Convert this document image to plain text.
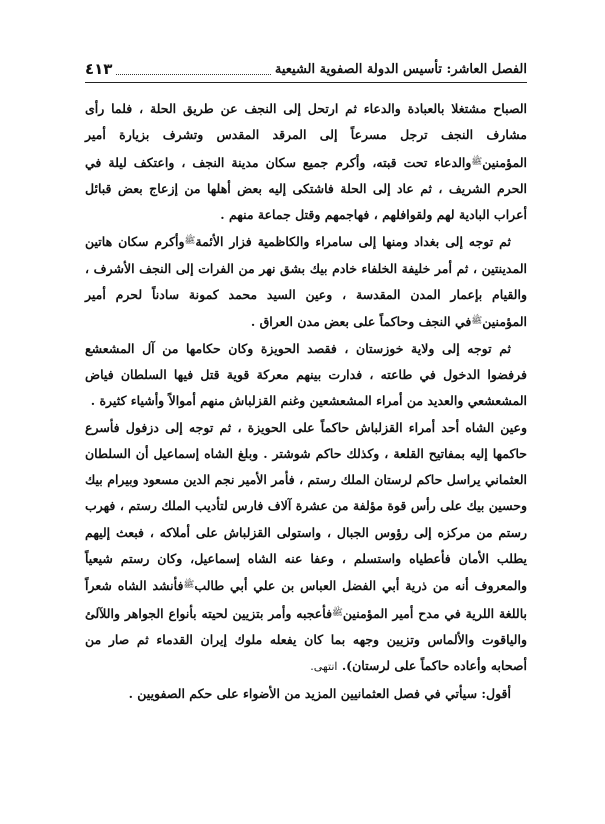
الفصل العاشر: تأسيس الدولة الصفوية الشيعية
٤١٣

الصباح مشتغلا بالعبادة والدعاء ثم ارتحل إلى النجف عن طريق الحلة ، فلما رأى مشارف النجف ترجل مسرعاً إلى المرقد المقدس وتشرف بزيارة أمير المؤمنين$^ﷺ$والدعاء تحت قبته، وأكرم جميع سكان مدينة النجف ، واعتكف ليلة في الحرم الشريف ، ثم عاد إلى الحلة فاشتكى إليه بعض أهلها من إزعاج بعض قبائل أعراب البادية لهم ولقوافلهم ، فهاجمهم وقتل جماعة منهم .

ثم توجه إلى بغداد ومنها إلى سامراء والكاظمية فزار الأئمة$^ﷺ$وأكرم سكان هاتين المدينتين ، ثم أمر خليفة الخلفاء خادم بيك بشق نهر من الفرات إلى النجف الأشرف ، والقيام بإعمار المدن المقدسة ، وعين السيد محمد كمونة سادناً لحرم أمير المؤمنين$^ﷺ$في النجف وحاكماً على بعض مدن العراق .

ثم توجه إلى ولاية خوزستان ، فقصد الحويزة وكان حكامها من آل المشعشع فرفضوا الدخول في طاعته ، فدارت بينهم معركة قوية قتل فيها السلطان فياض المشعشعي والعديد من أمراء المشعشعين وغنم القزلباش منهم أموالاً وأشياء كثيرة .

وعين الشاه أحد أمراء القزلباش حاكماً على الحويزة ، ثم توجه إلى دزفول فأسرع حاكمها إليه بمفاتيح القلعة ، وكذلك حاكم شوشتر . وبلغ الشاه إسماعيل أن السلطان العثماني يراسل حاكم لرستان الملك رستم ، فأمر الأمير نجم الدين مسعود وبيرام بيك وحسين بيك على رأس قوة مؤلفة من عشرة آلاف فارس لتأديب الملك رستم ، فهرب رستم من مركزه إلى رؤوس الجبال ، واستولى القزلباش على أملاكه ، فبعث إليهم يطلب الأمان فأعطياه واستسلم ، وعفا عنه الشاه إسماعيل، وكان رستم شيعياً والمعروف أنه من ذرية أبي الفضل العباس بن علي أبي طالب$^ﷺ$فأنشد الشاه شعراً باللغة اللرية في مدح أمير المؤمنين$^ﷺ$فأعجبه وأمر بتزيين لحيته بأنواع الجواهر واللآلئ والياقوت والألماس وتزيين وجهه بما كان يفعله ملوك إيران القدماء ثم صار من أصحابه وأعاده حاكماً على لرستان). انتهى.

أقول: سيأتي في فصل العثمانيين المزيد من الأضواء على حكم الصفويين .
